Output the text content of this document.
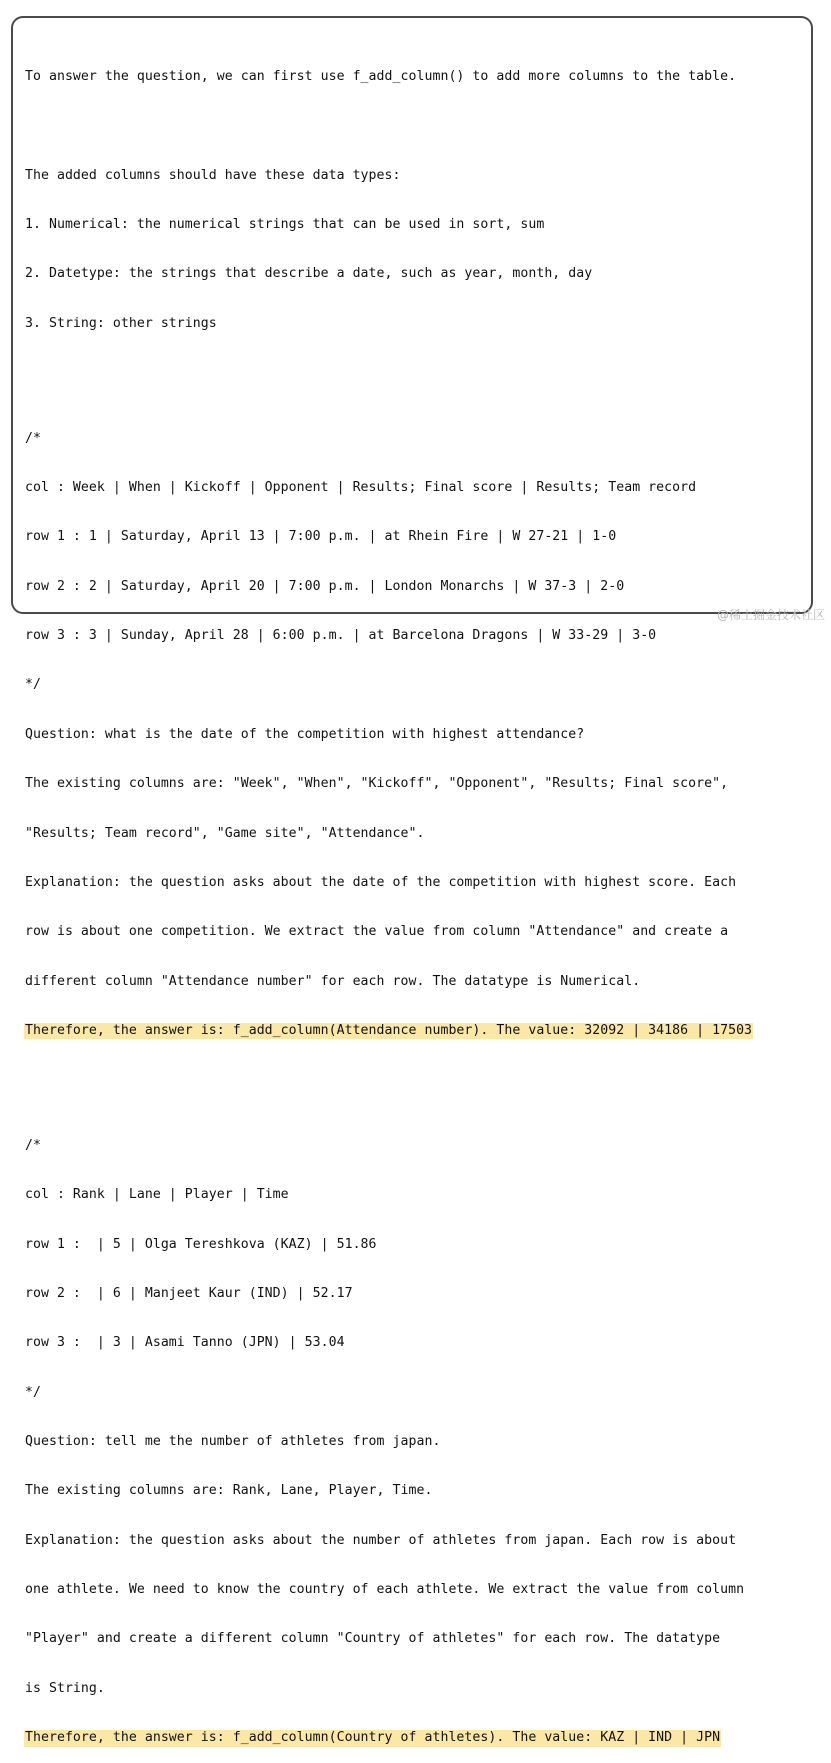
To answer the question, we can first use f_add_column() to add more columns to the table.

The added columns should have these data types:

1. Numerical: the numerical strings that can be used in sort, sum

2. Datetype: the strings that describe a date, such as year, month, day

3. String: other strings

/*

col : Week | When | Kickoff | Opponent | Results; Final score | Results; Team record

row 1 : 1 | Saturday, April 13 | 7:00 p.m. | at Rhein Fire | W 27-21 | 1-0

row 2 : 2 | Saturday, April 20 | 7:00 p.m. | London Monarchs | W 37-3 | 2-0

row 3 : 3 | Sunday, April 28 | 6:00 p.m. | at Barcelona Dragons | W 33-29 | 3-0

*/

Question: what is the date of the competition with highest attendance?

The existing columns are: "Week", "When", "Kickoff", "Opponent", "Results; Final score",

"Results; Team record", "Game site", "Attendance".

Explanation: the question asks about the date of the competition with highest score. Each

row is about one competition. We extract the value from column "Attendance" and create a

different column "Attendance number" for each row. The datatype is Numerical.

Therefore, the answer is: f_add_column(Attendance number). The value: 32092 | 34186 | 17503

/*

col : Rank | Lane | Player | Time

row 1 :  | 5 | Olga Tereshkova (KAZ) | 51.86

row 2 :  | 6 | Manjeet Kaur (IND) | 52.17

row 3 :  | 3 | Asami Tanno (JPN) | 53.04

*/

Question: tell me the number of athletes from japan.

The existing columns are: Rank, Lane, Player, Time.

Explanation: the question asks about the number of athletes from japan. Each row is about

one athlete. We need to know the country of each athlete. We extract the value from column

"Player" and create a different column "Country of athletes" for each row. The datatype

is String.

Therefore, the answer is: f_add_column(Country of athletes). The value: KAZ | IND | JPN

@稀土掘金技术社区
